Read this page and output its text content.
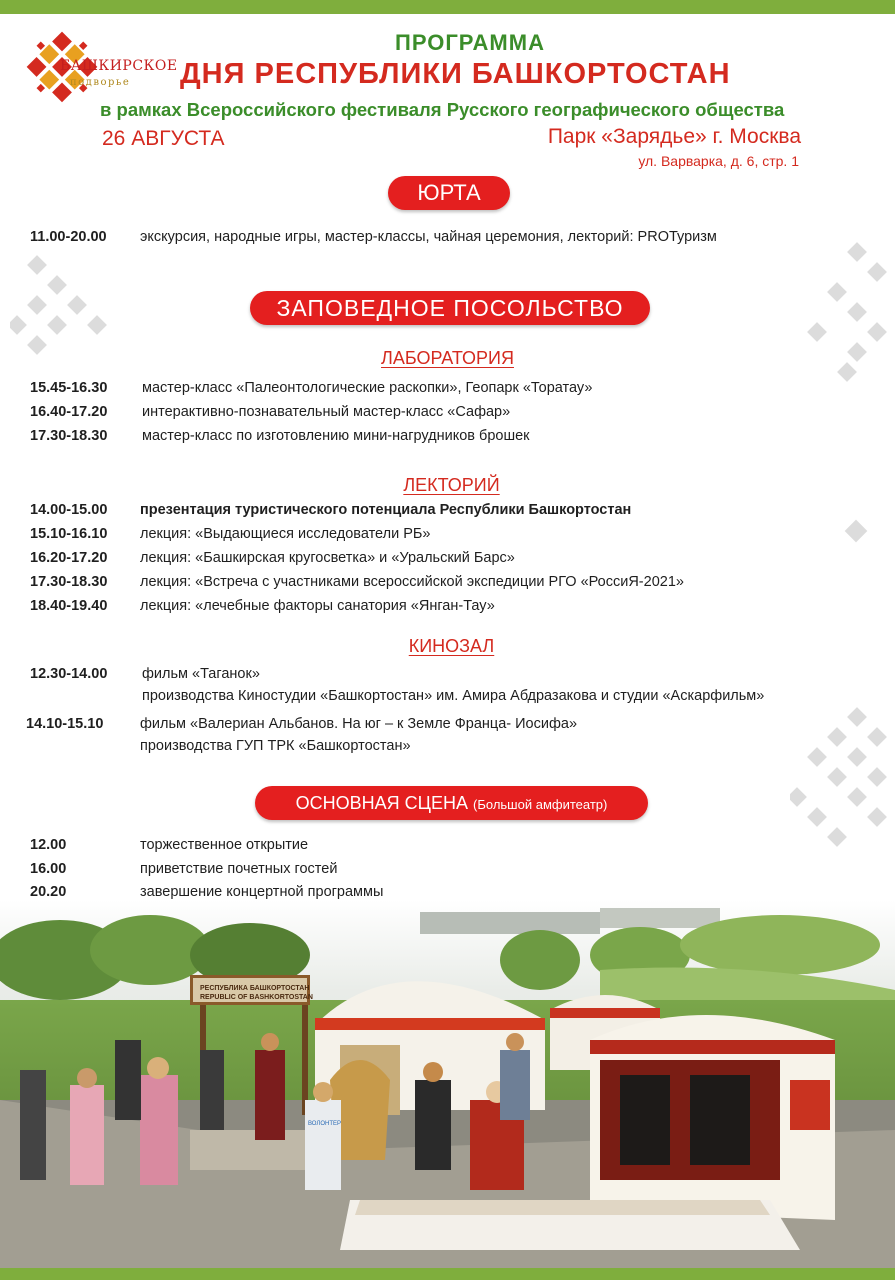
БАШКИРСКОЕ
подворье
ПРОГРАММА
ДНЯ РЕСПУБЛИКИ БАШКОРТОСТАН
в рамках Всероссийского фестиваля Русского географического общества
26 АВГУСТА	Парк «Зарядье» г. Москва
ул. Варварка, д. 6, стр. 1
ЮРТА
11.00-20.00 экскурсия, народные игры, мастер-классы, чайная церемония, лекторий: PROТуризм
ЗАПОВЕДНОЕ ПОСОЛЬСТВО
ЛАБОРАТОРИЯ
15.45-16.30 мастер-класс «Палеонтологические раскопки», Геопарк «Торатау»
16.40-17.20 интерактивно-познавательный мастер-класс «Сафар»
17.30-18.30 мастер-класс по изготовлению мини-нагрудников брошек
ЛЕКТОРИЙ
14.00-15.00 презентация туристического потенциала Республики Башкортостан
15.10-16.10 лекция: «Выдающиеся исследователи РБ»
16.20-17.20 лекция: «Башкирская кругосветка» и «Уральский Барс»
17.30-18.30 лекция: «Встреча с участниками всероссийской экспедиции РГО «РоссиЯ-2021»
18.40-19.40 лекция: «лечебные факторы санатория «Янган-Тау»
КИНОЗАЛ
12.30-14.00 фильм «Таганок»
производства Киностудии «Башкортостан» им. Амира Абдразакова и студии «Аскарфильм»
14.10-15.10	фильм «Валериан Альбанов. На юг – к Земле Франца- Иосифа»
производства ГУП ТРК «Башкортостан»
ОСНОВНАЯ СЦЕНА (Большой амфитеатр)
12.00	торжественное открытие
16.00	приветствие почетных гостей
20.20	завершение концертной программы
ВОЛОНТЕР
РЕСПУБЛИКА БАШКОРТОСТАН
REPUBLIC OF BASHKORTOSTAN
